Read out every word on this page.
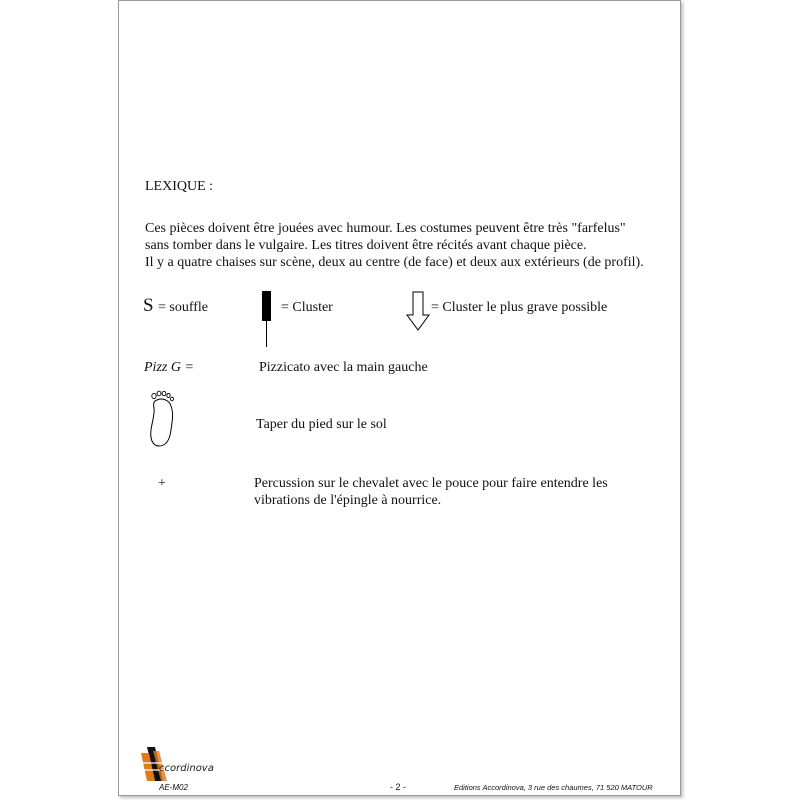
LEXIQUE :
Ces pièces doivent être jouées avec humour. Les costumes peuvent être très "farfelus"
sans tomber dans le vulgaire. Les titres doivent être récités avant chaque pièce.
Il y a quatre chaises sur scène, deux au centre (de face) et deux aux extérieurs (de profil).
S = souffle	= Cluster	= Cluster le plus grave possible
Pizz G =	Pizzicato avec la main gauche
Taper du pied sur le sol
+	Percussion sur le chevalet avec le pouce pour faire entendre les
vibrations de l'épingle à nourrice.
ccordinova
AE-M02	- 2 -	Editions Accordinova, 3 rue des chaumes, 71 520 MATOUR
